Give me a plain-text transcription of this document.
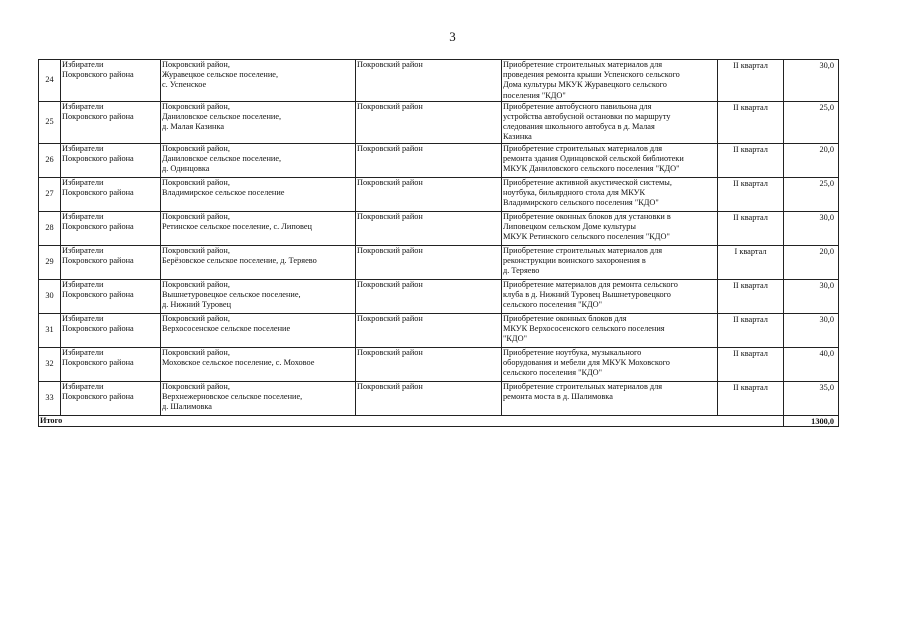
3
24	Избиратели
Покровского района	Покровский район,
Журавецкое сельское поселение,
с. Успенское	Покровский район	Приобретение строительных материалов для
проведения ремонта крыши Успенского сельского
Дома культуры МКУК Журавецкого сельского
поселения "КДО"	II квартал	30,0
25	Избиратели
Покровского района	Покровский район,
Даниловское сельское поселение,
д. Малая Казинка	Покровский район	Приобретение автобусного павильона для
устройства автобусной остановки по маршруту
следования школьного автобуса в д. Малая
Казинка	II квартал	25,0
26	Избиратели
Покровского района	Покровский район,
Даниловское сельское поселение,
д. Одинцовка	Покровский район	Приобретение строительных материалов для
ремонта здания Одинцовской сельской библиотеки
МКУК Даниловского сельского поселения "КДО"	II квартал	20,0
27	Избиратели
Покровского района	Покровский район,
Владимирское сельское поселение	Покровский район	Приобретение активной акустической системы,
ноутбука, бильярдного стола для МКУК
Владимирского сельского поселения "КДО"	II квартал	25,0
28	Избиратели
Покровского района	Покровский район,
Ретинское сельское поселение, с. Липовец	Покровский район	Приобретение оконных блоков для установки в
Липовецком сельском Доме культуры
МКУК Ретинского сельского поселения "КДО"	II квартал	30,0
29	Избиратели
Покровского района	Покровский район,
Берёзовское сельское поселение, д. Теряево	Покровский район	Приобретение строительных материалов для
реконструкции воинского захоронения в
д. Теряево	I квартал	20,0
30	Избиратели
Покровского района	Покровский район,
Вышнетуровецкое сельское поселение,
д. Нижний Туровец	Покровский район	Приобретение материалов для ремонта сельского
клуба в д. Нижний Туровец Вышнетуровецкого
сельского поселения "КДО"	II квартал	30,0
31	Избиратели
Покровского района	Покровский район,
Верхососенское сельское поселение	Покровский район	Приобретение оконных блоков для
МКУК Верхососенского сельского поселения
"КДО"	II квартал	30,0
32	Избиратели
Покровского района	Покровский район,
Моховское сельское поселение, с. Моховое	Покровский район	Приобретение ноутбука, музыкального
оборудования и мебели для МКУК Моховского
сельского поселения "КДО"	II квартал	40,0
33	Избиратели
Покровского района	Покровский район,
Верхнежерновское сельское поселение,
д. Шалимовка	Покровский район	Приобретение строительных материалов для
ремонта моста в д. Шалимовка	II квартал	35,0
Итого						1300,0
